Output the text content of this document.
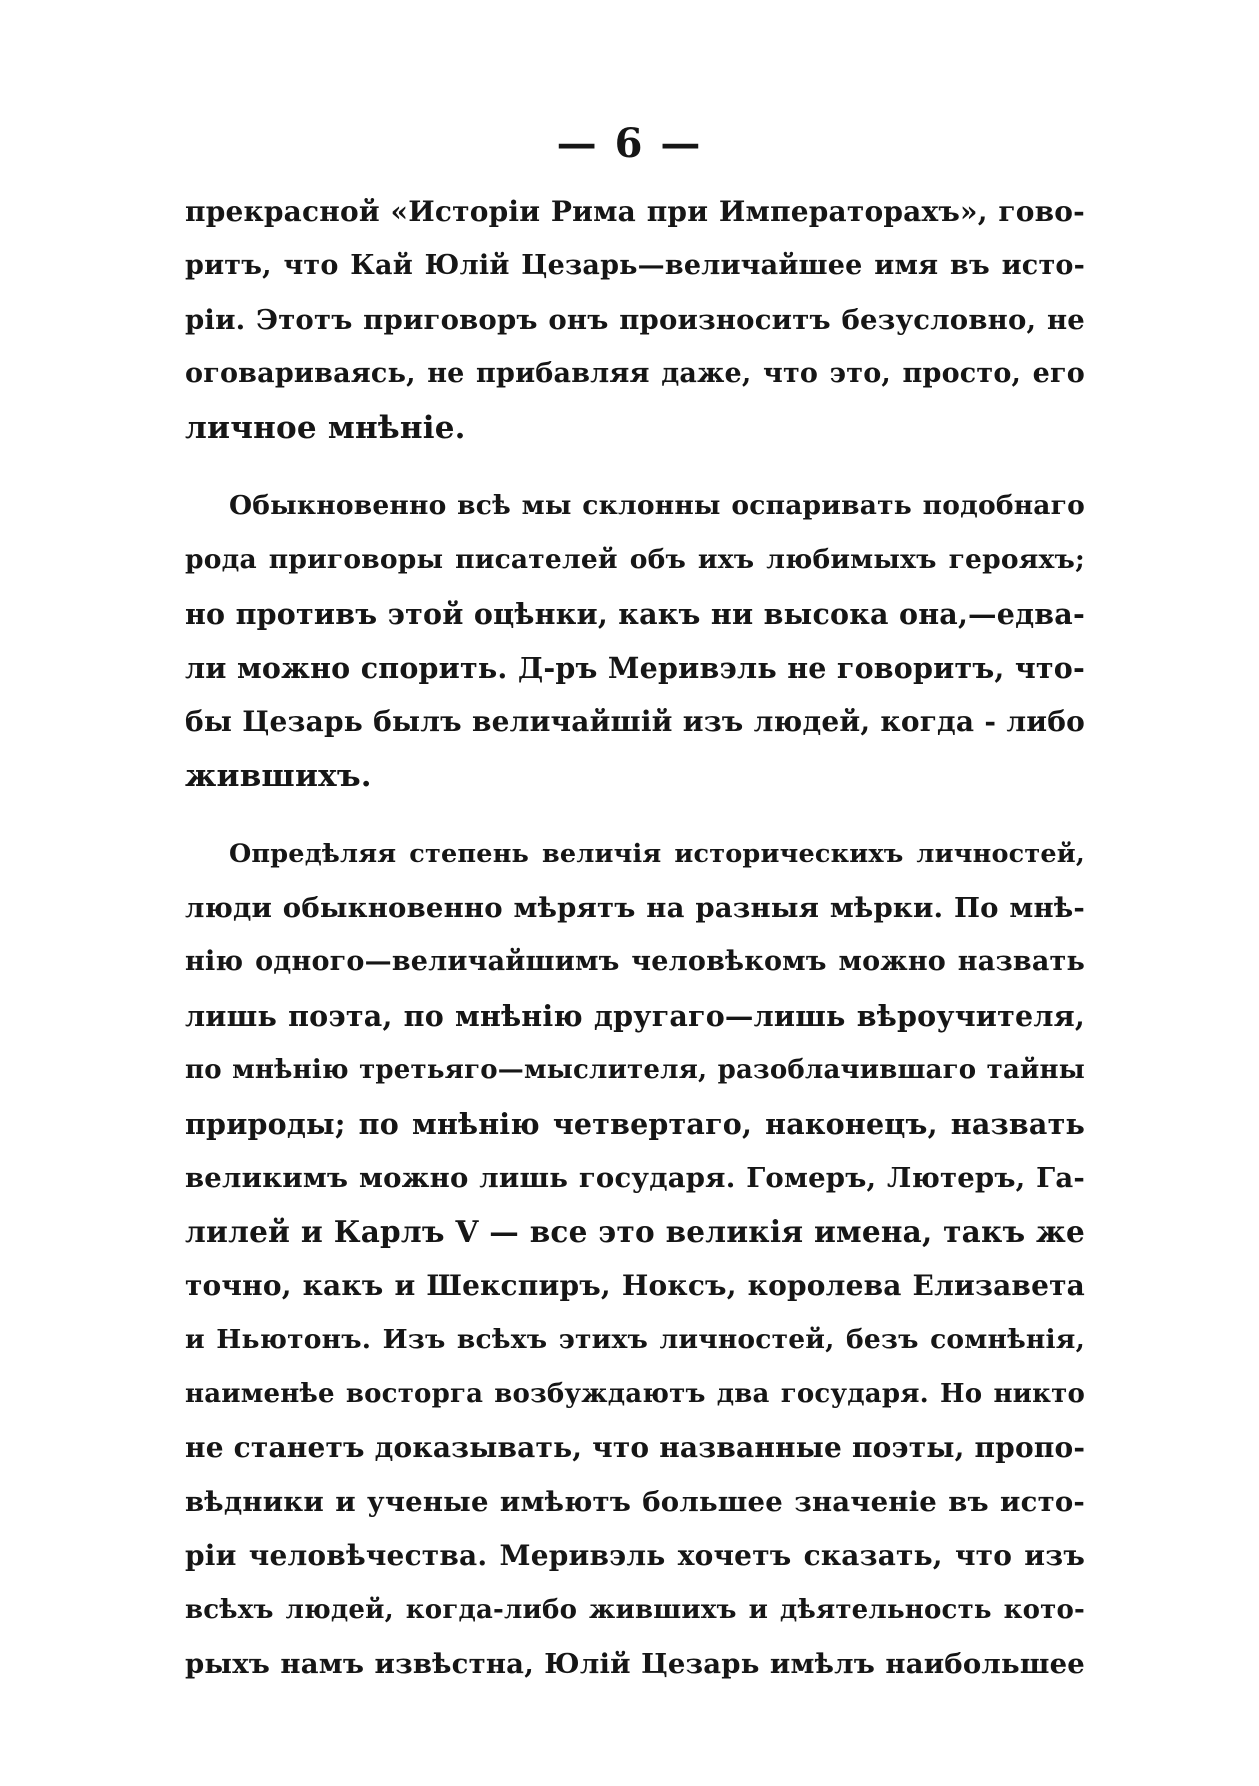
— 6 —
прекрасной «Исторіи Рима при Императорахъ», гово-
ритъ, что Кай Юлій Цезарь—величайшее имя въ исто-
ріи. Этотъ приговоръ онъ произноситъ безусловно, не
оговариваясь, не прибавляя даже, что это, просто, его
личное мнѣніе.
Обыкновенно всѣ мы склонны оспаривать подобнаго
рода приговоры писателей объ ихъ любимыхъ герояхъ;
но противъ этой оцѣнки, какъ ни высока она,—едва-
ли можно спорить. Д-ръ Меривэль не говоритъ, что-
бы Цезарь былъ величайшій изъ людей, когда - либо
жившихъ.
Опредѣляя степень величія историческихъ личностей,
люди обыкновенно мѣрятъ на разныя мѣрки. По мнѣ-
нію одного—величайшимъ человѣкомъ можно назвать
лишь поэта, по мнѣнію другаго—лишь вѣроучителя,
по мнѣнію третьяго—мыслителя, разоблачившаго тайны
природы; по мнѣнію четвертаго, наконецъ, назвать
великимъ можно лишь государя. Гомеръ, Лютеръ, Га-
лилей и Карлъ V — все это великія имена, такъ же
точно, какъ и Шекспиръ, Ноксъ, королева Елизавета
и Ньютонъ. Изъ всѣхъ этихъ личностей, безъ сомнѣнія,
наименѣе восторга возбуждаютъ два государя. Но никто
не станетъ доказывать, что названные поэты, пропо-
вѣдники и ученые имѣютъ большее значеніе въ исто-
ріи человѣчества. Меривэль хочетъ сказать, что изъ
всѣхъ людей, когда-либо жившихъ и дѣятельность кото-
рыхъ намъ извѣстна, Юлій Цезарь имѣлъ наибольшее
